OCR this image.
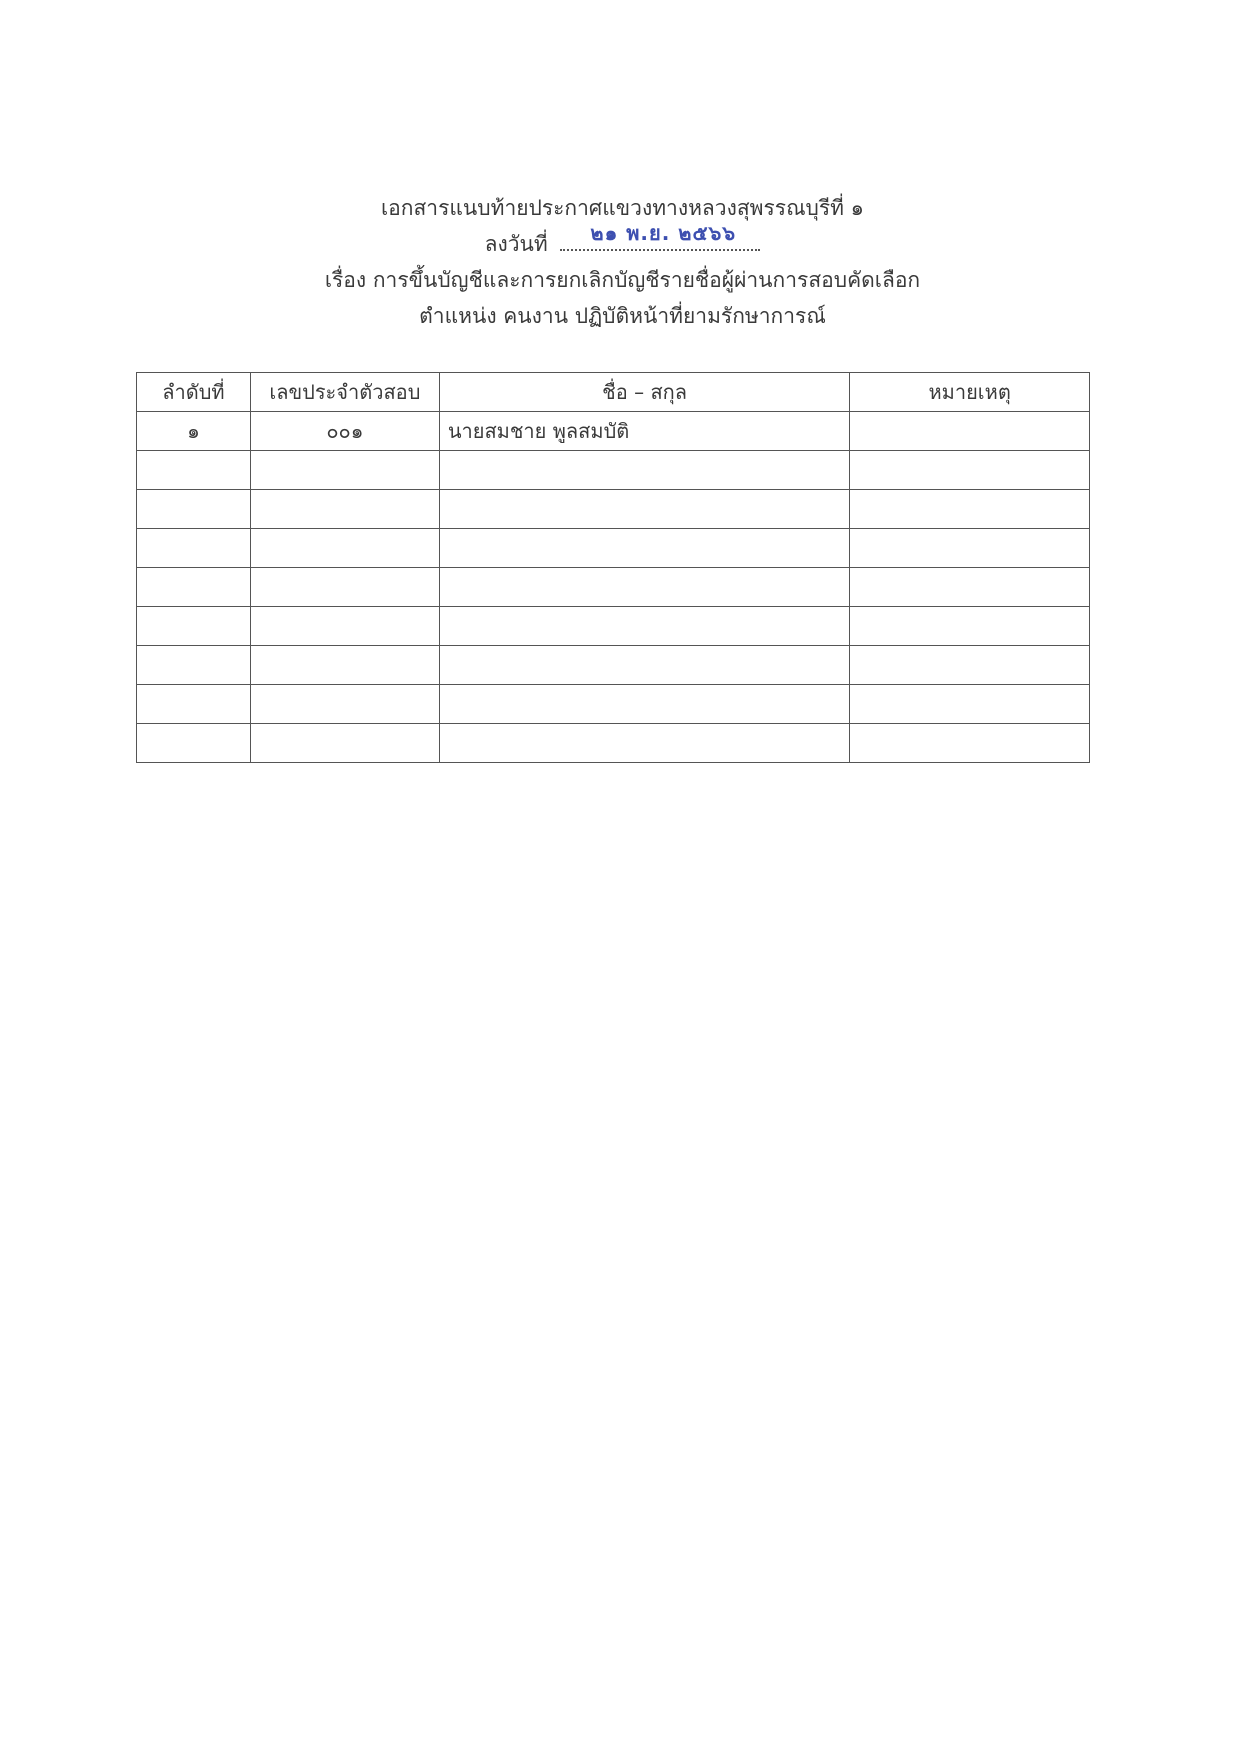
เอกสารแนบท้ายประกาศแขวงทางหลวงสุพรรณบุรีที่ ๑
ลงวันที่ ๒๑ พ.ย. ๒๕๖๖
เรื่อง การขึ้นบัญชีและการยกเลิกบัญชีรายชื่อผู้ผ่านการสอบคัดเลือก
ตำแหน่ง คนงาน ปฏิบัติหน้าที่ยามรักษาการณ์
ลำดับที่	เลขประจำตัวสอบ	ชื่อ – สกุล	หมายเหตุ
๑	๐๐๑	นายสมชาย พูลสมบัติ	
